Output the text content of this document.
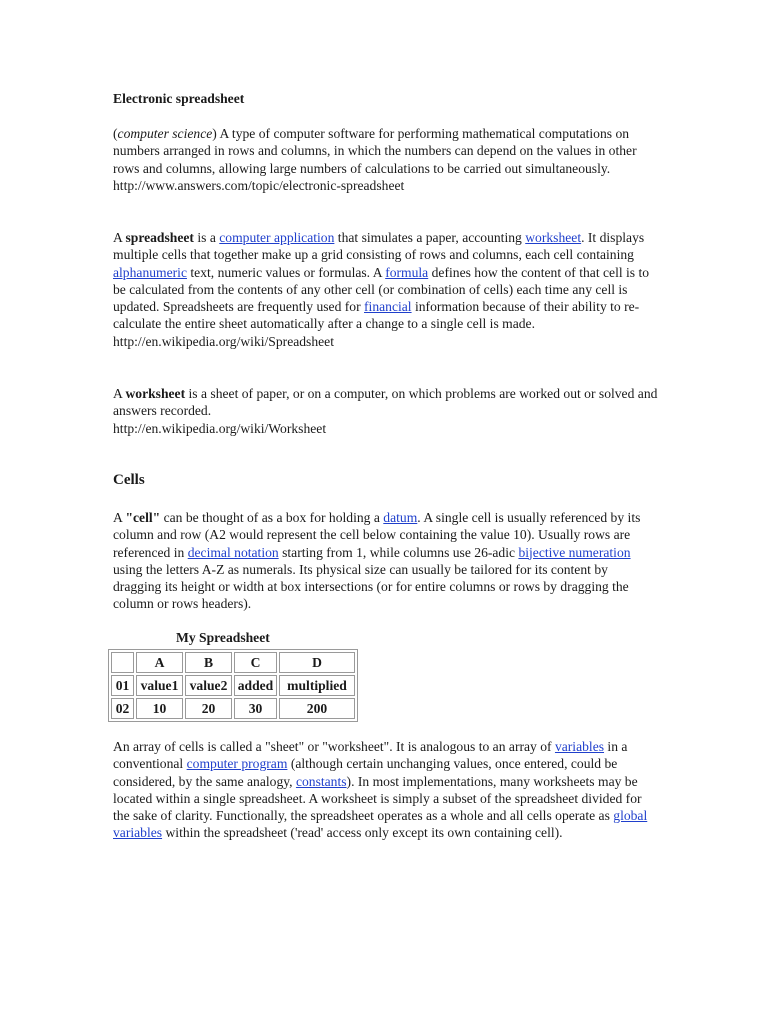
Electronic spreadsheet

(computer science) A type of computer software for performing mathematical computations on numbers arranged in rows and columns, in which the numbers can depend on the values in other rows and columns, allowing large numbers of calculations to be carried out simultaneously.
http://www.answers.com/topic/electronic-spreadsheet

A spreadsheet is a computer application that simulates a paper, accounting worksheet. It displays multiple cells that together make up a grid consisting of rows and columns, each cell containing alphanumeric text, numeric values or formulas. A formula defines how the content of that cell is to be calculated from the contents of any other cell (or combination of cells) each time any cell is updated. Spreadsheets are frequently used for financial information because of their ability to re-calculate the entire sheet automatically after a change to a single cell is made.
http://en.wikipedia.org/wiki/Spreadsheet

A worksheet is a sheet of paper, or on a computer, on which problems are worked out or solved and answers recorded.
http://en.wikipedia.org/wiki/Worksheet

Cells

A "cell" can be thought of as a box for holding a datum. A single cell is usually referenced by its column and row (A2 would represent the cell below containing the value 10). Usually rows are referenced in decimal notation starting from 1, while columns use 26-adic bijective numeration using the letters A-Z as numerals. Its physical size can usually be tailored for its content by dragging its height or width at box intersections (or for entire columns or rows by dragging the column or rows headers).

My Spreadsheet
	A	B	C	D
01	value1	value2	added	multiplied
02	10	20	30	200

An array of cells is called a "sheet" or "worksheet". It is analogous to an array of variables in a conventional computer program (although certain unchanging values, once entered, could be considered, by the same analogy, constants). In most implementations, many worksheets may be located within a single spreadsheet. A worksheet is simply a subset of the spreadsheet divided for the sake of clarity. Functionally, the spreadsheet operates as a whole and all cells operate as global variables within the spreadsheet ('read' access only except its own containing cell).
